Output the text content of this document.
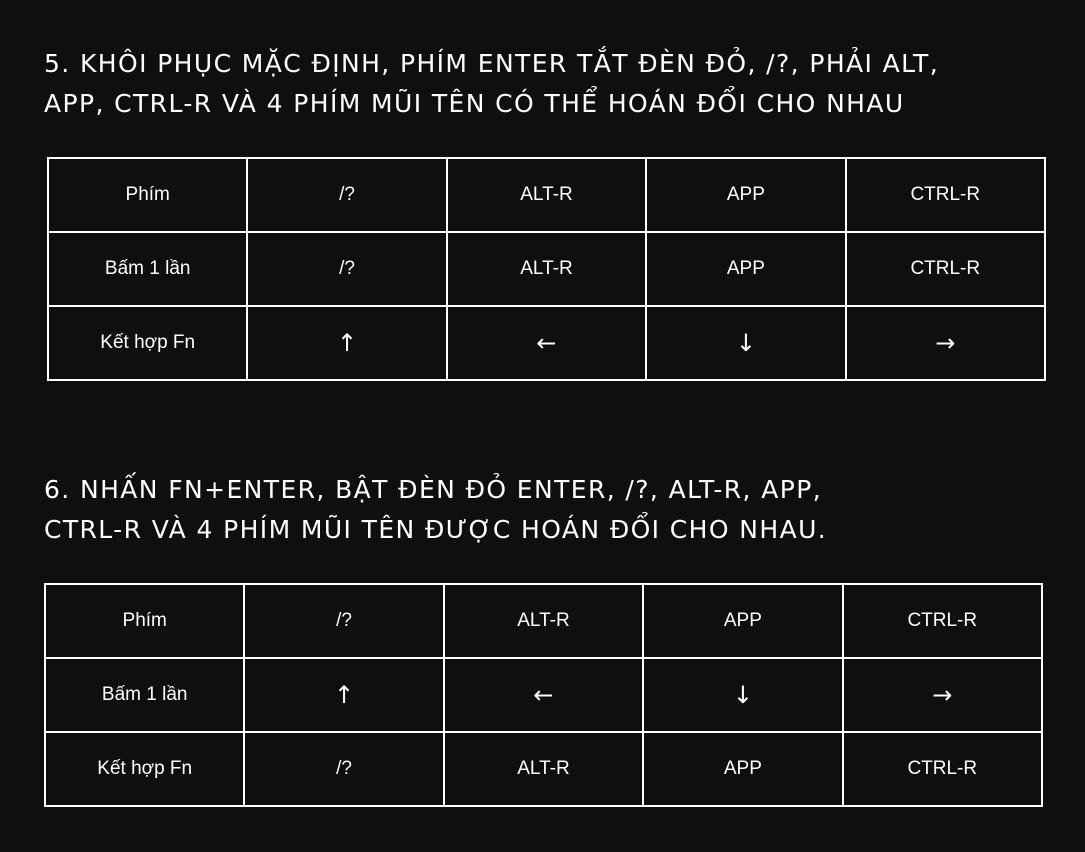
5. KHÔI PHỤC MẶC ĐỊNH, PHÍM ENTER TẮT ĐÈN ĐỎ, /?, PHẢI ALT,
APP, CTRL-R VÀ 4 PHÍM MŨI TÊN CÓ THỂ HOÁN ĐỔI CHO NHAU
Phím	/?	ALT-R	APP	CTRL-R
Bấm 1 lần	/?	ALT-R	APP	CTRL-R
Kết hợp Fn	↑	←	↓	→
6. NHẤN FN+ENTER, BẬT ĐÈN ĐỎ ENTER, /?, ALT-R, APP,
CTRL-R VÀ 4 PHÍM MŨI TÊN ĐƯỢC HOÁN ĐỔI CHO NHAU.
Phím	/?	ALT-R	APP	CTRL-R
Bấm 1 lần	↑	←	↓	→
Kết hợp Fn	/?	ALT-R	APP	CTRL-R
